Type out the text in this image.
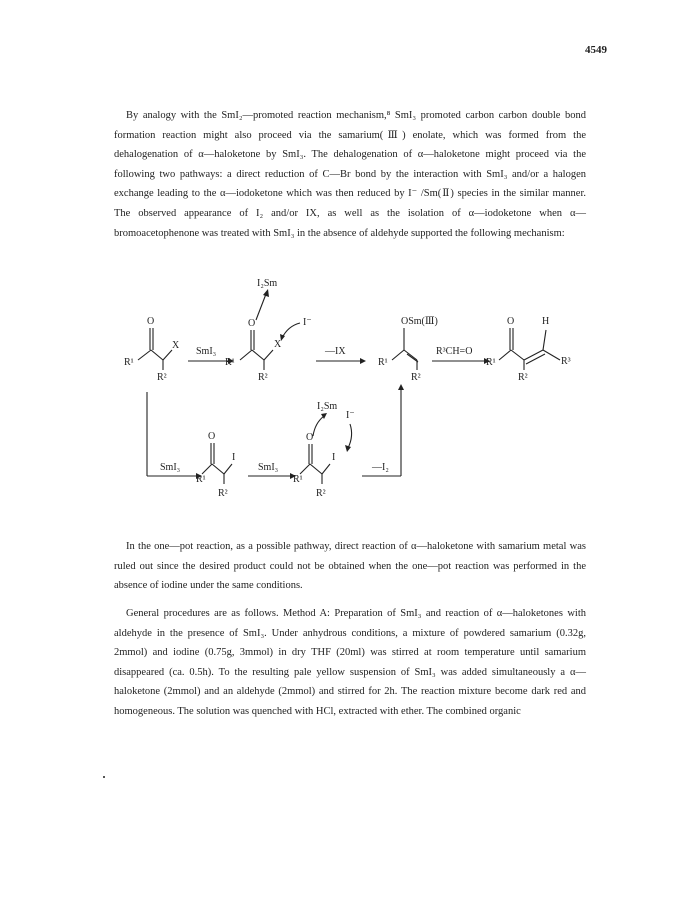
4549

By analogy with the SmI₂—promoted reaction mechanism,⁸ SmI₃ promoted carbon carbon double bond formation reaction might also proceed via the samarium(Ⅲ) enolate, which was formed from the dehalogenation of α—haloketone by SmI₃. The dehalogenation of α—haloketone might proceed via the following two pathways: a direct reduction of C—Br bond by the interaction with SmI₃ and/or a halogen exchange leading to the α—iodoketone which was then reduced by I⁻ /Sm(Ⅱ) species in the similar manner. The observed appearance of I₂ and/or IX, as well as the isolation of α—iodoketone when α—bromoacetophenone was treated with SmI₃ in the absence of aldehyde supported the following mechanism:

O
X
R¹
R²
SmI₃
I₂Sm
O
X
I⁻
R¹
R²
—IX
OSm(Ⅲ)
R¹
R²
R³CH=O
O	H
R³
R¹
R²
SmI₃
O
I
R¹
R²
SmI₃
I₂Sm
I⁻
O
I
R¹
R²
—I₂

In the one—pot reaction, as a possible pathway, direct reaction of α—haloketone with samarium metal was ruled out since the desired product could not be obtained when the one—pot reaction was performed in the absence of iodine under the same conditions.

General procedures are as follows. Method A: Preparation of SmI₃ and reaction of α—haloketones with aldehyde in the presence of SmI₃. Under anhydrous conditions, a mixture of powdered samarium (0.32g, 2mmol) and iodine (0.75g, 3mmol) in dry THF (20ml) was stirred at room temperature until samarium disappeared (ca. 0.5h). To the resulting pale yellow suspension of SmI₃ was added simultaneously a α—haloketone (2mmol) and an aldehyde (2mmol) and stirred for 2h. The reaction mixture become dark red and homogeneous. The solution was quenched with HCl, extracted with ether. The combined organic
